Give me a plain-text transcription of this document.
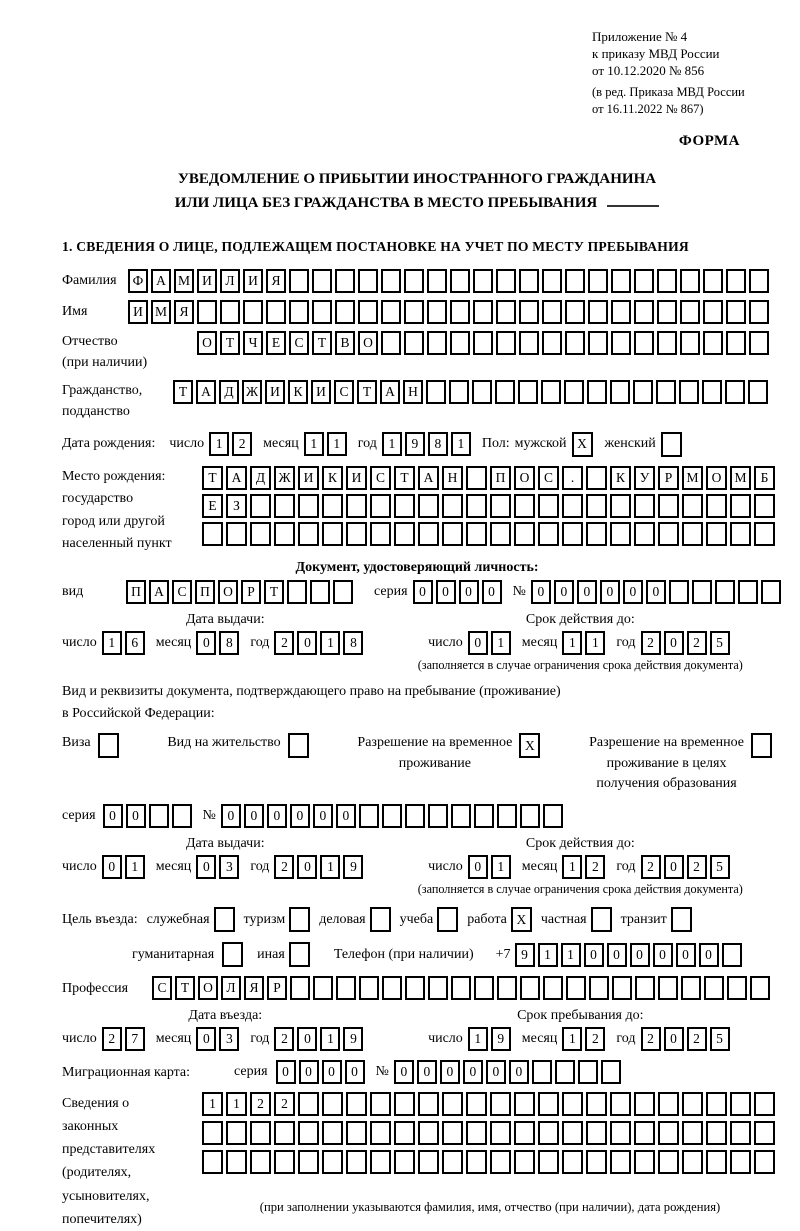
Приложение № 4
к приказу МВД России
от 10.12.2020 № 856
(в ред. Приказа МВД России
от 16.11.2022 № 867)
ФОРМА
УВЕДОМЛЕНИЕ О ПРИБЫТИИ ИНОСТРАННОГО ГРАЖДАНИНА
ИЛИ ЛИЦА БЕЗ ГРАЖДАНСТВА В МЕСТО ПРЕБЫВАНИЯ
1. СВЕДЕНИЯ О ЛИЦЕ, ПОДЛЕЖАЩЕМ ПОСТАНОВКЕ НА УЧЕТ ПО МЕСТУ ПРЕБЫВАНИЯ
Фамилия	Ф А М И	Л	И	Я
Имя	И М Я
Отчество
(при наличии)
О	Т	Ч	Е	С	Т	В	О
Гражданство,
подданство
Т	А	Д Ж И	К	И	С	Т	А Н
Дата рождения: число 1	2	месяц 1	1	год 1	9	8	1	Пол: мужской X	женский
Место рождения:
государство
город или другой
населенный пункт
Т	А	Д Ж И	К	И	С	Т	А	Н	П	О	С	.	К	У	Р	М О М	Б
Е	З
Документ, удостоверяющий личность:
вид	П А	С	П О	Р	Т	серия 0	0	0	0	№ 0	0	0	0	0	0
Дата выдачи:
число 1	6	месяц 0	8	год 2	0	1	8
Срок действия до:
число 0	1	месяц 1	1	год 2	0	2	5
(заполняется в случае ограничения срока действия документа)
Вид и реквизиты документа, подтверждающего право на пребывание (проживание)
в Российской Федерации:
Виза	Вид на жительство	Разрешение на временное
проживание
X	Разрешение на временное
проживание в целях
получения образования
серия	0	0	№ 0	0	0	0	0	0
Дата выдачи:
число 0	1	месяц 0	3	год 2	0	1	9
Срок действия до:
число 0	1	месяц 1	2	год 2	0	2	5
(заполняется в случае ограничения срока действия документа)
Цель въезда: служебная туризм деловая учеба работа X	частная транзит
гуманитарная	иная	Телефон (при наличии) +7 9	1	1	0	0	0	0	0	0
Профессия	С	Т	О	Л	Я	Р
Дата въезда:
число 2	7	месяц 0	3	год 2	0	1	9
Срок пребывания до:
число 1	9	месяц 1	2	год 2	0	2	5
Миграционная карта:	серия	0	0	0	0	№ 0	0	0	0	0	0
Сведения о
законных
представителях
(родителях,
усыновителях,
попечителях)
1	1	2	2
(при заполнении указываются фамилия, имя, отчество (при наличии), дата рождения)
